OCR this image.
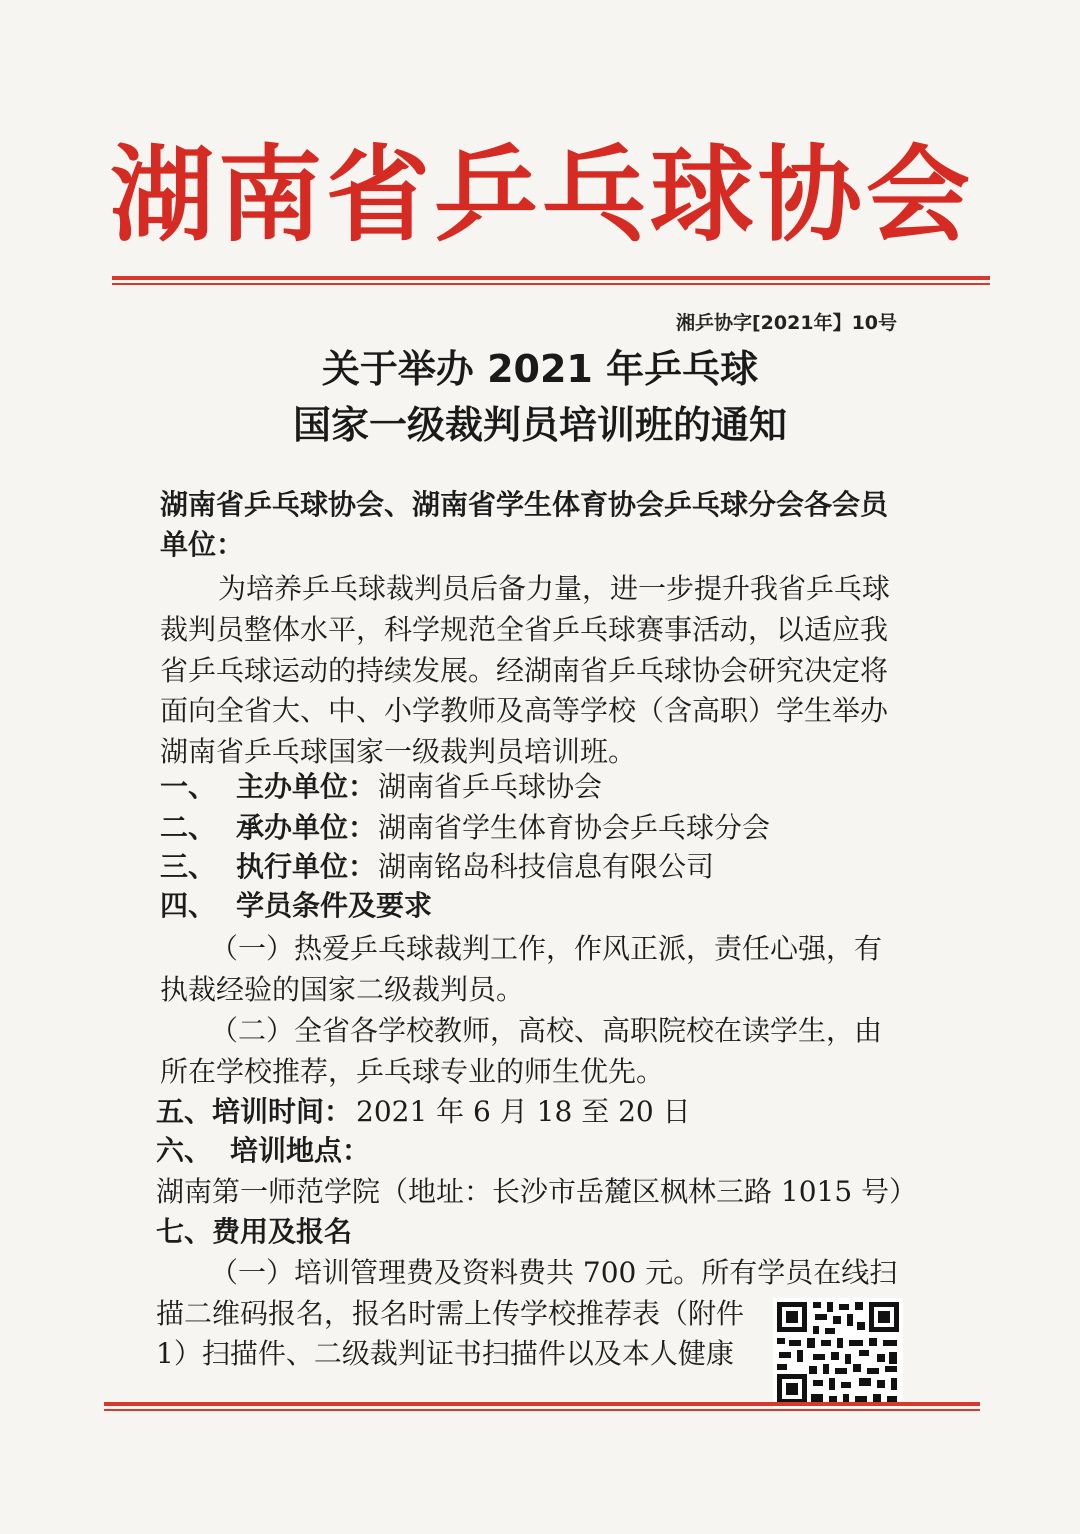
湖 南 省 乒 乓 球 协 会
湘乒协字[2021年】10号
关于举办 2021 年乒乓球
国家一级裁判员培训班的通知
湖南省乒乓球协会、湖南省学生体育协会乒乓球分会各会员
单位：
为培养乒乓球裁判员后备力量，进一步提升我省乒乓球
裁判员整体水平，科学规范全省乒乓球赛事活动，以适应我
省乒乓球运动的持续发展。经湖南省乒乓球协会研究决定将
面向全省大、中、小学教师及高等学校（含高职）学生举办
湖南省乒乓球国家一级裁判员培训班。
一、 主办单位： 湖南省乒乓球协会
二、 承办单位： 湖南省学生体育协会乒乓球分会
三、 执行单位： 湖南铭岛科技信息有限公司
四、 学员条件及要求
（一）热爱乒乓球裁判工作，作风正派，责任心强，有
执裁经验的国家二级裁判员。
（二）全省各学校教师，高校、高职院校在读学生，由
所在学校推荐，乒乓球专业的师生优先。
五、培训时间： 2021 年 6 月 18 至 20 日
六、 培训地点：
湖南第一师范学院（地址：长沙市岳麓区枫林三路 1015 号）
七、费用及报名
（一）培训管理费及资料费共 700 元。所有学员在线扫
描二维码报名，报名时需上传学校推荐表（附件
1）扫描件、二级裁判证书扫描件以及本人健康
